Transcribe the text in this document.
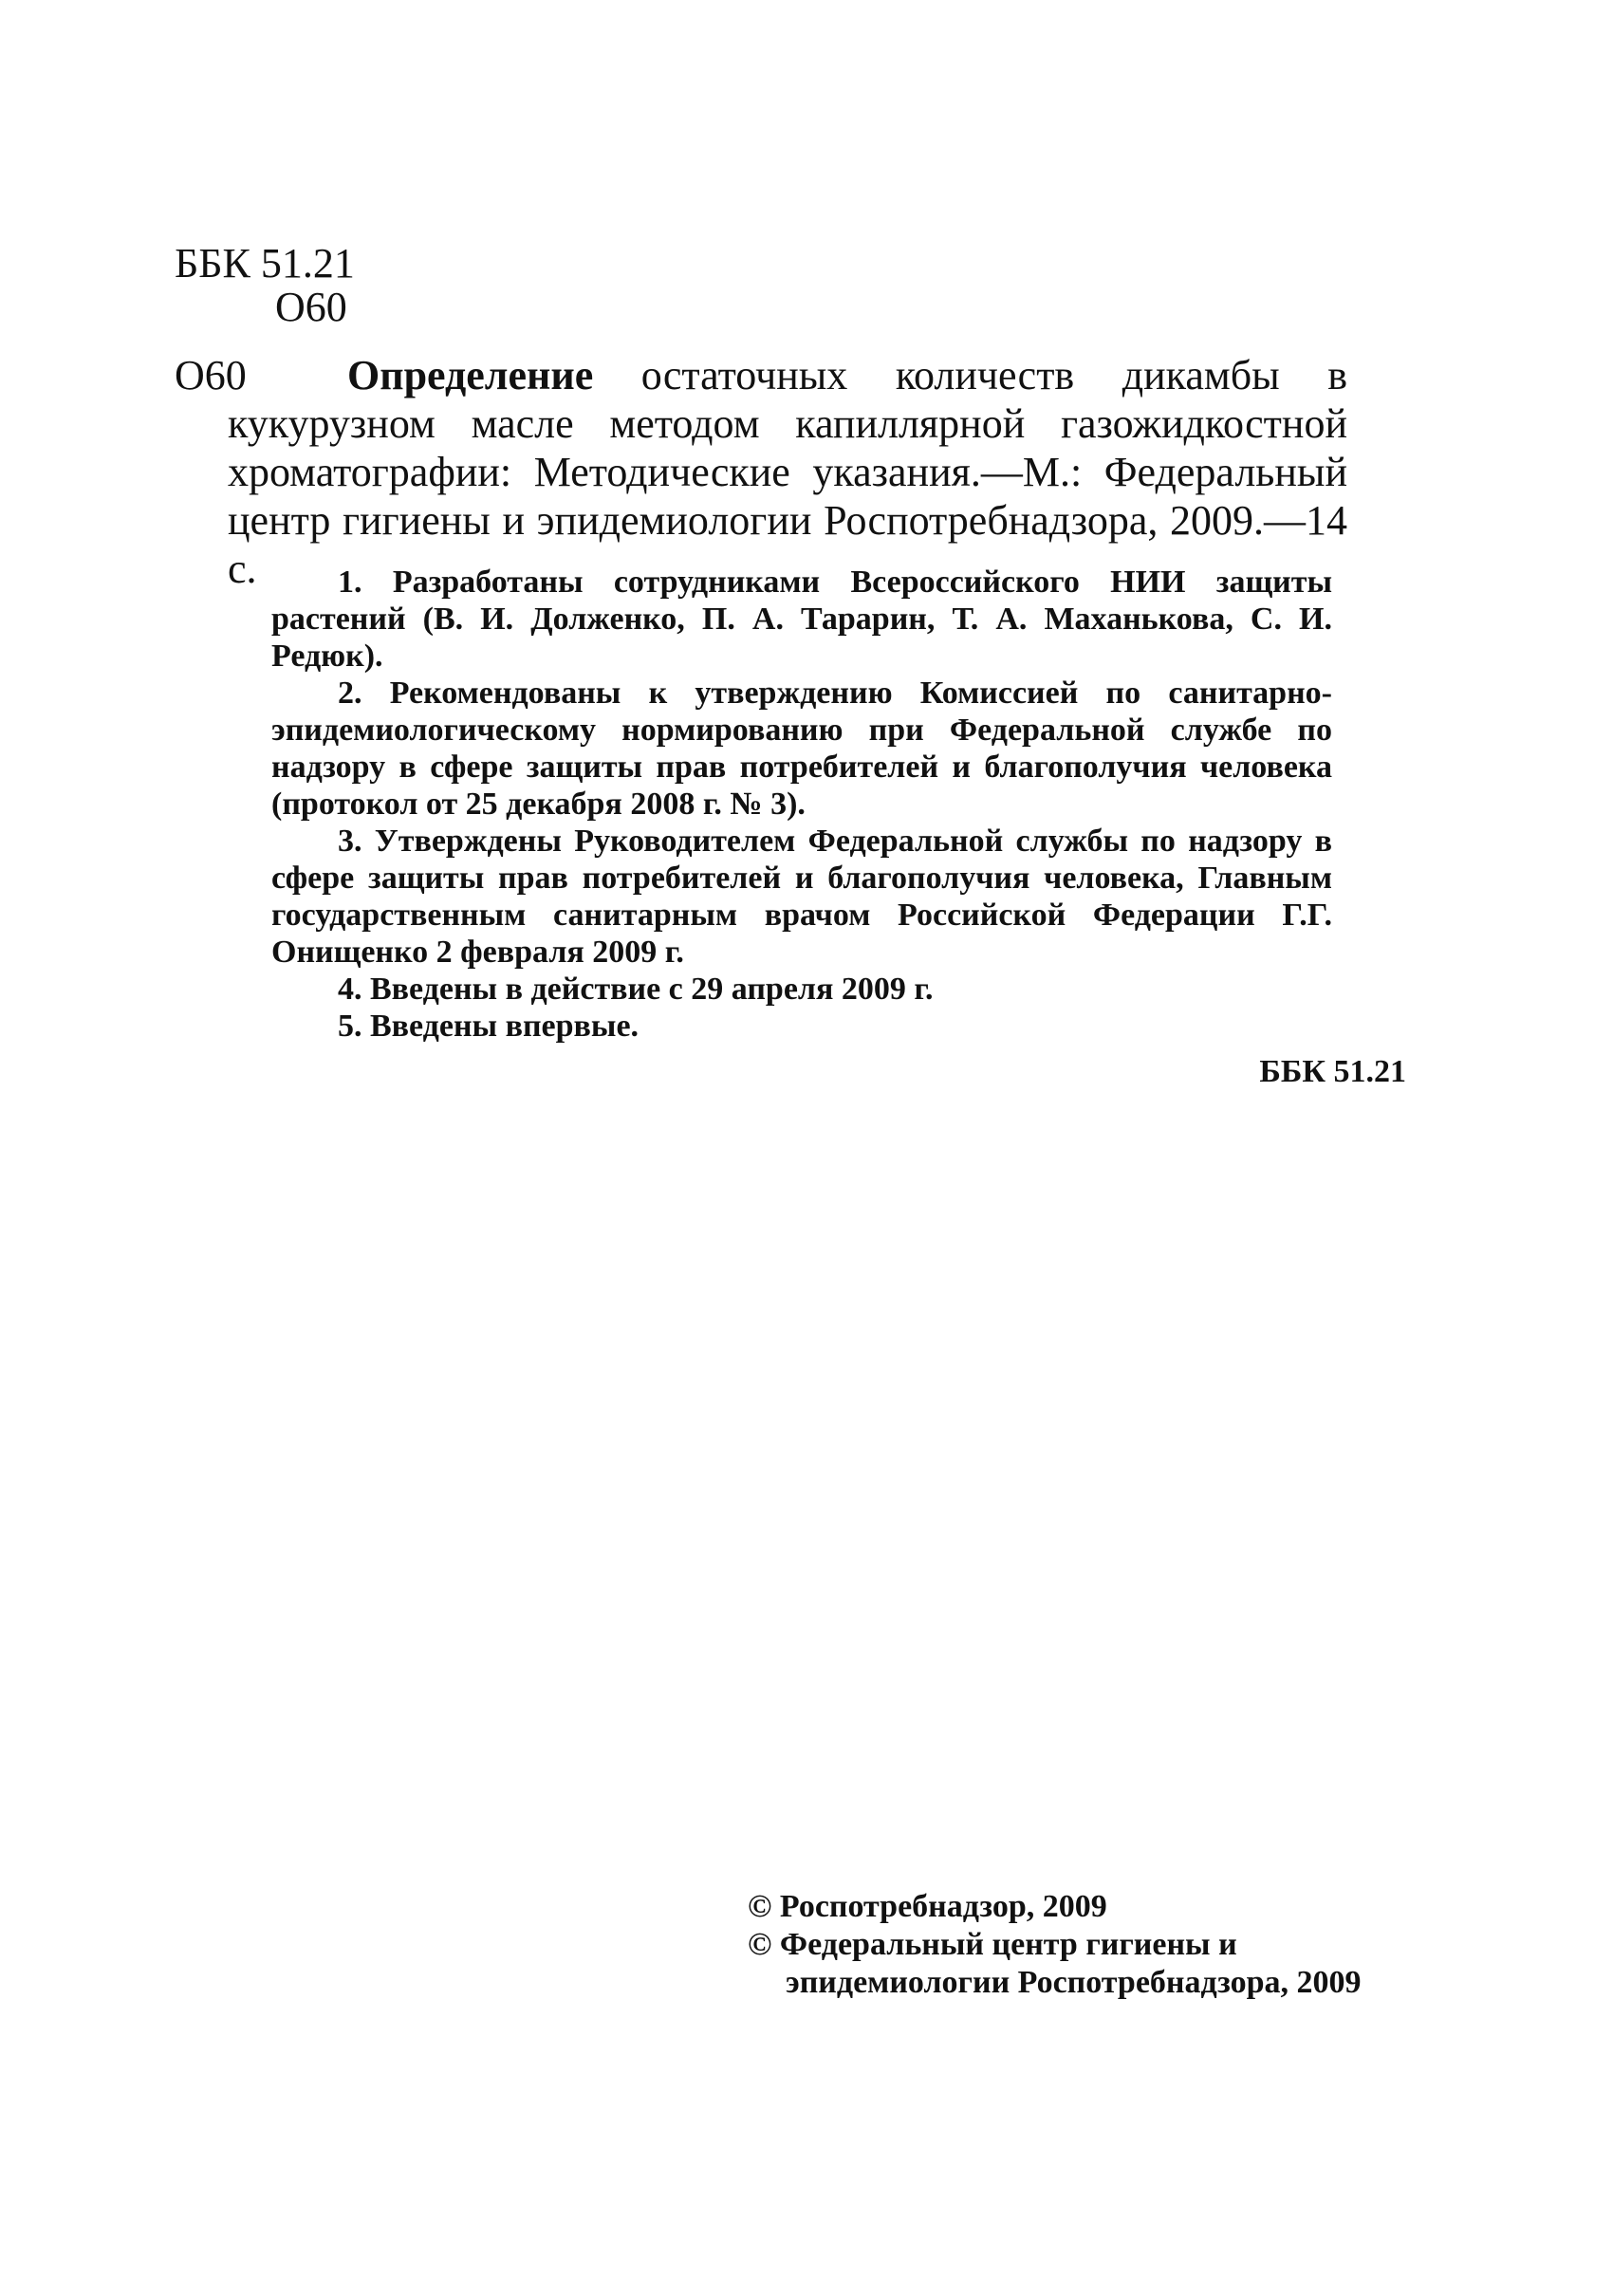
ББК 51.21
О60
О60	Определение остаточных количеств дикамбы в кукурузном масле методом капиллярной газожидкостной хроматографии: Методические указания.—М.: Федеральный центр гигиены и эпидемиологии Роспотребнадзора, 2009.—14 с.	1. Разработаны сотрудниками Всероссийского НИИ защиты растений (В. И. Долженко, П. А. Тарарин, Т. А. Маханькова, С. И. Редюк).

2. Рекомендованы к утверждению Комиссией по санитарно-эпидемиологическому нормированию при Федеральной службе по надзору в сфере защиты прав потребителей и благополучия человека (протокол от 25 декабря 2008 г. № 3).

3. Утверждены Руководителем Федеральной службы по надзору в сфере защиты прав потребителей и благополучия человека, Главным государственным санитарным врачом Российской Федерации Г.Г. Онищенко 2 февраля 2009 г.

4. Введены в действие с 29 апреля 2009 г.

5. Введены впервые.

ББК 51.21
© Роспотребнадзор, 2009
© Федеральный центр гигиены и
эпидемиологии Роспотребнадзора, 2009
